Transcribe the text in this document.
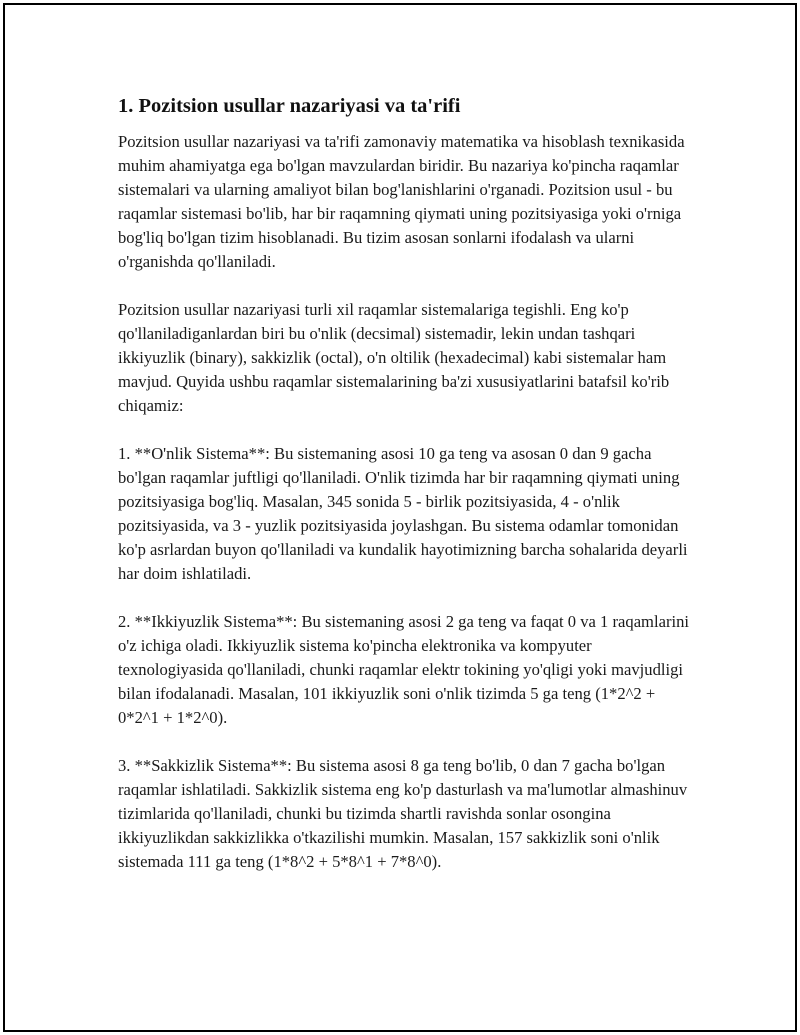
1. Pozitsion usullar nazariyasi va ta'rifi

Pozitsion usullar nazariyasi va ta'rifi zamonaviy matematika va hisoblash texnikasida muhim ahamiyatga ega bo'lgan mavzulardan biridir. Bu nazariya ko'pincha raqamlar sistemalari va ularning amaliyot bilan bog'lanishlarini o'rganadi. Pozitsion usul - bu raqamlar sistemasi bo'lib, har bir raqamning qiymati uning pozitsiyasiga yoki o'rniga bog'liq bo'lgan tizim hisoblanadi. Bu tizim asosan sonlarni ifodalash va ularni o'rganishda qo'llaniladi.

Pozitsion usullar nazariyasi turli xil raqamlar sistemalariga tegishli. Eng ko'p qo'llaniladiganlardan biri bu o'nlik (decsimal) sistemadir, lekin undan tashqari ikkiyuzlik (binary), sakkizlik (octal), o'n oltilik (hexadecimal) kabi sistemalar ham mavjud. Quyida ushbu raqamlar sistemalarining ba'zi xususiyatlarini batafsil ko'rib chiqamiz:

1. **O'nlik Sistema**: Bu sistemaning asosi 10 ga teng va asosan 0 dan 9 gacha bo'lgan raqamlar juftligi qo'llaniladi. O'nlik tizimda har bir raqamning qiymati uning pozitsiyasiga bog'liq. Masalan, 345 sonida 5 - birlik pozitsiyasida, 4 - o'nlik pozitsiyasida, va 3 - yuzlik pozitsiyasida joylashgan. Bu sistema odamlar tomonidan ko'p asrlardan buyon qo'llaniladi va kundalik hayotimizning barcha sohalarida deyarli har doim ishlatiladi.

2. **Ikkiyuzlik Sistema**: Bu sistemaning asosi 2 ga teng va faqat 0 va 1 raqamlarini o'z ichiga oladi. Ikkiyuzlik sistema ko'pincha elektronika va kompyuter texnologiyasida qo'llaniladi, chunki raqamlar elektr tokining yo'qligi yoki mavjudligi bilan ifodalanadi. Masalan, 101 ikkiyuzlik soni o'nlik tizimda 5 ga teng (1*2^2 + 0*2^1 + 1*2^0).

3. **Sakkizlik Sistema**: Bu sistema asosi 8 ga teng bo'lib, 0 dan 7 gacha bo'lgan raqamlar ishlatiladi. Sakkizlik sistema eng ko'p dasturlash va ma'lumotlar almashinuv tizimlarida qo'llaniladi, chunki bu tizimda shartli ravishda sonlar osongina ikkiyuzlikdan sakkizlikka o'tkazilishi mumkin. Masalan, 157 sakkizlik soni o'nlik sistemada 111 ga teng (1*8^2 + 5*8^1 + 7*8^0).
